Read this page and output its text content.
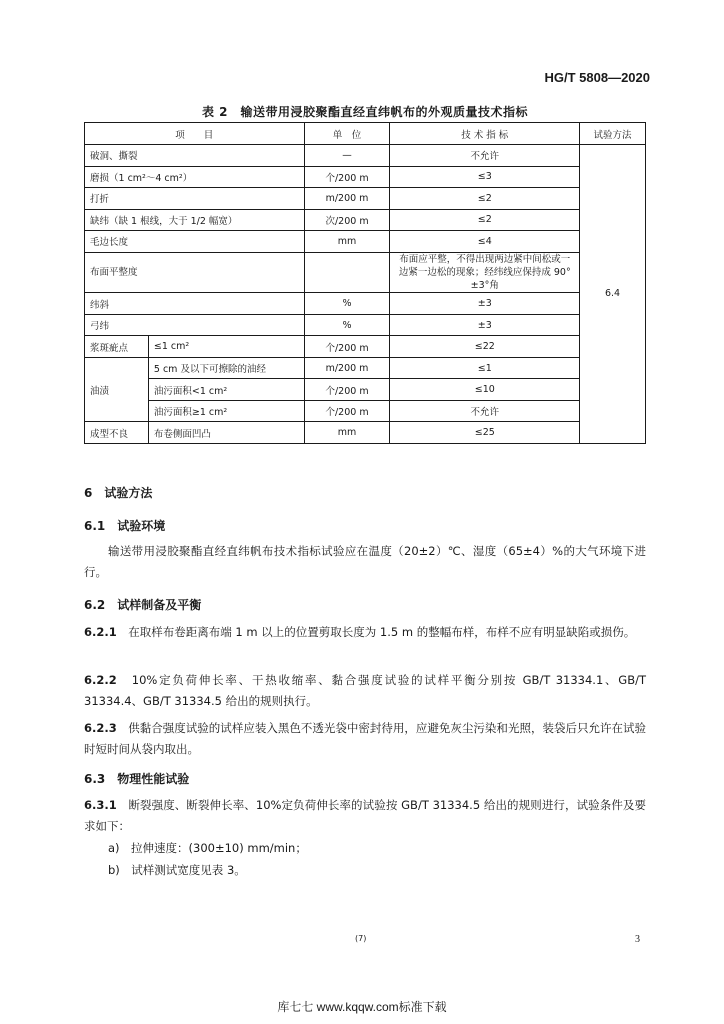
HG/T 5808—2020
表 2　输送带用浸胶聚酯直经直纬帆布的外观质量技术指标
项　　目		单　位	技 术 指 标	试验方法
破洞、撕裂		—	不允许	6.4
磨损（1 cm²～4 cm²）		个/200 m	≤3	
打折		m/200 m	≤2	
缺纬（缺 1 根线，大于 1/2 幅宽）		次/200 m	≤2	
毛边长度		mm	≤4	
布面平整度			布面应平整，不得出现两边紧中间松或一边紧一边松的现象；经纬线应保持成 90°±3°角	
纬斜		%	±3	
弓纬		%	±3	
浆斑疵点	≤1 cm²	个/200 m	≤22	
油渍	5 cm 及以下可擦除的油经	m/200 m	≤1	
	油污面积<1 cm²	个/200 m	≤10	
	油污面积≥1 cm²	个/200 m	不允许	
成型不良	布卷侧面凹凸	mm	≤25	
6　试验方法
6.1　试验环境
输送带用浸胶聚酯直经直纬帆布技术指标试验应在温度（20±2）℃、湿度（65±4）%的大气环境下进行。
6.2　试样制备及平衡
6.2.1　 在取样布卷距离布端 1 m 以上的位置剪取长度为 1.5 m 的整幅布样，布样不应有明显缺陷或损伤。
6.2.2　 10%定负荷伸长率、干热收缩率、黏合强度试验的试样平衡分别按 GB/T 31334.1、GB/T 31334.4、GB/T 31334.5 给出的规则执行。
6.2.3　 供黏合强度试验的试样应装入黑色不透光袋中密封待用，应避免灰尘污染和光照，装袋后只允许在试验时短时间从袋内取出。
6.3　物理性能试验
6.3.1　 断裂强度、断裂伸长率、10%定负荷伸长率的试验按 GB/T 31334.5 给出的规则进行，试验条件及要求如下：
a)　拉伸速度：(300±10) mm/min；
b)　试样测试宽度见表 3。
(7)	3
库七七 www.kqqw.com标准下载
